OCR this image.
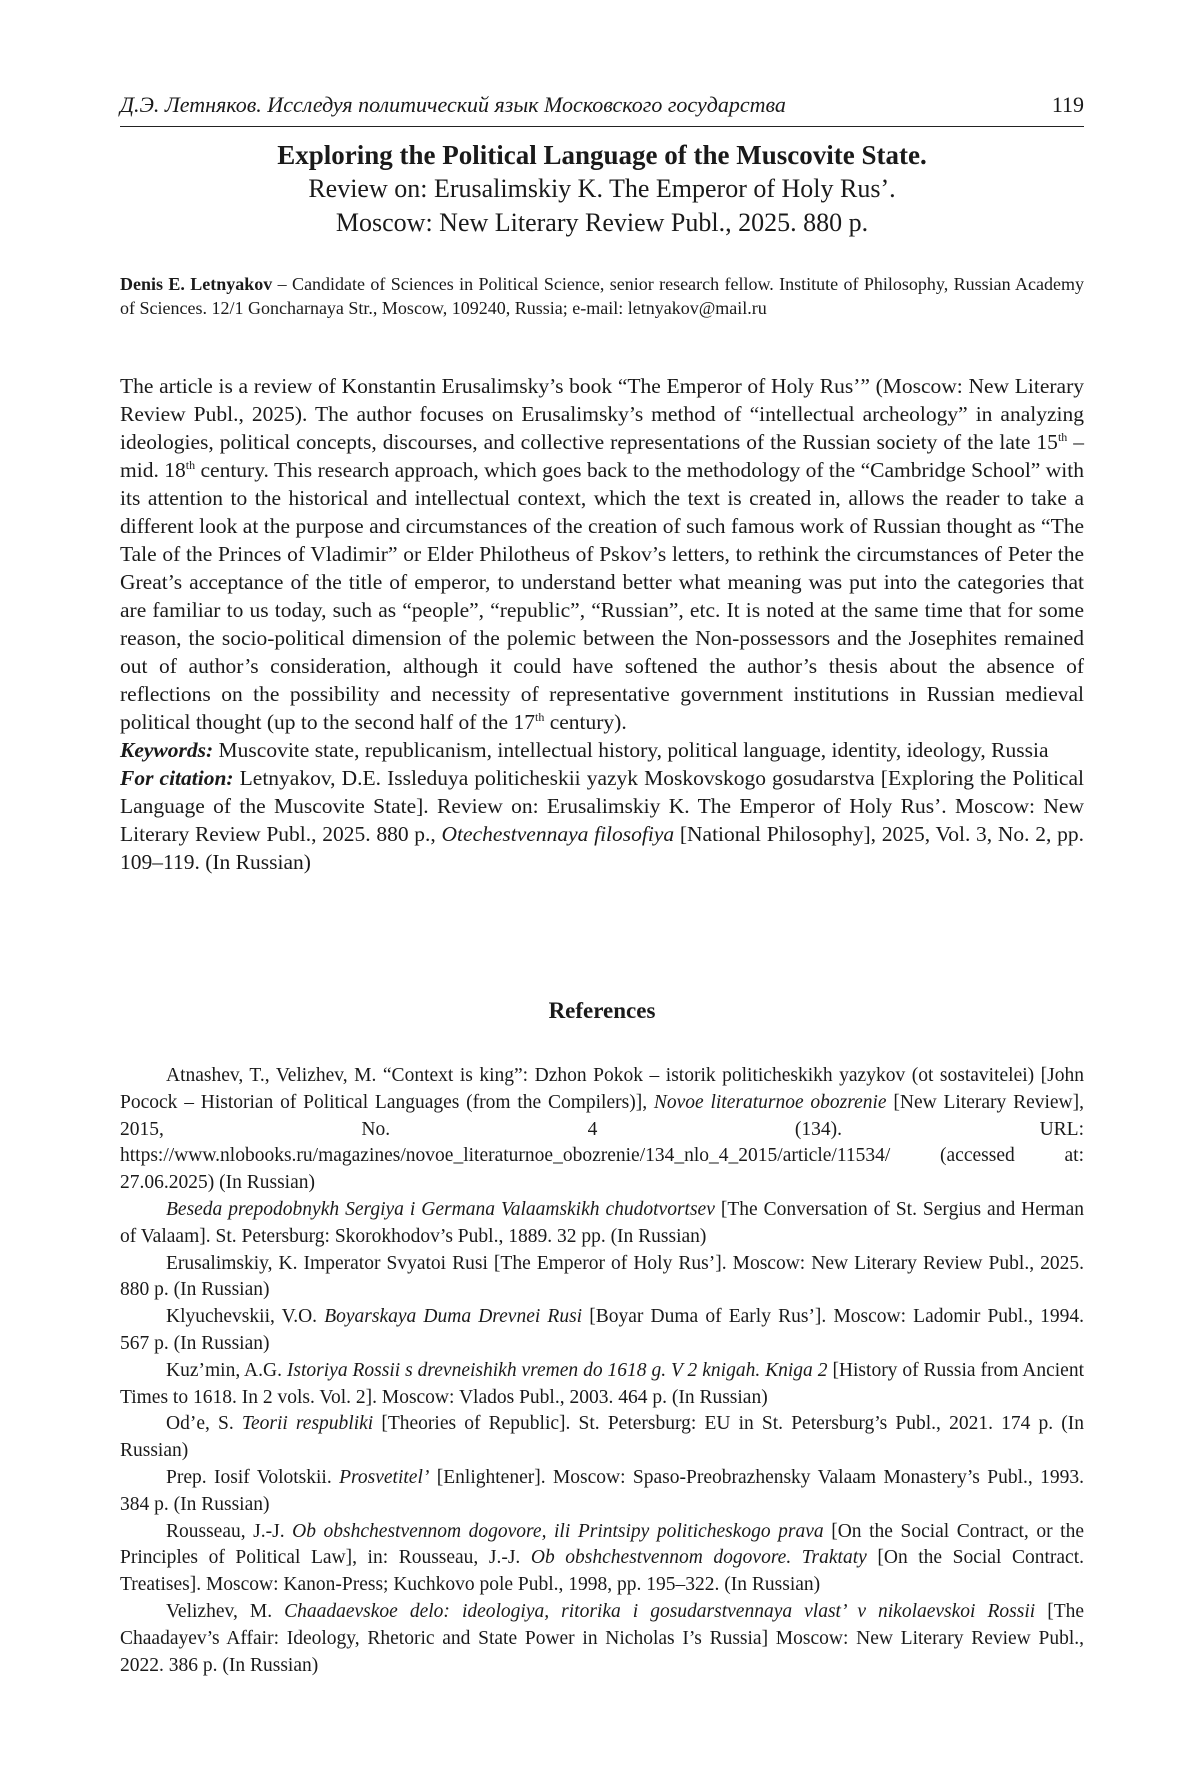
Д.Э. Летняков. Исследуя политический язык Московского государства	119
Exploring the Political Language of the Muscovite State.
Review on: Erusalimskiy K. The Emperor of Holy Rus’.
Moscow: New Literary Review Publ., 2025. 880 p.
Denis E. Letnyakov – Candidate of Sciences in Political Science, senior research fellow. Institute of Philosophy, Russian Academy of Sciences. 12/1 Goncharnaya Str., Moscow, 109240, Russia; e-mail: letnyakov@mail.ru

The article is a review of Konstantin Erusalimsky’s book “The Emperor of Holy Rus’” (Moscow: New Literary Review Publ., 2025). The author focuses on Erusalimsky’s method of “intellectual archeology” in analyzing ideologies, political concepts, discourses, and collective representations of the Russian society of the late 15th – mid. 18th century. This research approach, which goes back to the methodology of the “Cambridge School” with its attention to the historical and intellectual context, which the text is created in, allows the reader to take a different look at the purpose and circumstances of the creation of such famous work of Russian thought as “The Tale of the Princes of Vladimir” or Elder Philotheus of Pskov’s letters, to rethink the circumstances of Peter the Great’s acceptance of the title of emperor, to understand better what meaning was put into the categories that are familiar to us today, such as “people”, “republic”, “Russian”, etc. It is noted at the same time that for some reason, the socio-political dimension of the polemic between the Non-possessors and the Josephites remained out of author’s consideration, although it could have softened the author’s thesis about the absence of reflections on the possibility and necessity of representative government institutions in Russian medieval political thought (up to the second half of the 17th century).

Keywords: Muscovite state, republicanism, intellectual history, political language, identity, ideology, Russia

For citation: Letnyakov, D.E. Issleduya politicheskii yazyk Moskovskogo gosudarstva [Exploring the Political Language of the Muscovite State]. Review on: Erusalimskiy K. The Emperor of Holy Rus’. Moscow: New Literary Review Publ., 2025. 880 p., Otechestvennaya filosofiya [National Philosophy], 2025, Vol. 3, No. 2, pp. 109–119. (In Russian)

References

Atnashev, T., Velizhev, M. “Context is king”: Dzhon Pokok – istorik politicheskikh yazykov (ot sostavitelei) [John Pocock – Historian of Political Languages (from the Compilers)], Novoe literaturnoe obozrenie [New Literary Review], 2015, No. 4 (134). URL: https://www.nlobooks.ru/magazines/novoe_literaturnoe_obozrenie/134_nlo_4_2015/article/11534/ (accessed at: 27.06.2025) (In Russian)

Beseda prepodobnykh Sergiya i Germana Valaamskikh chudotvortsev [The Conversation of St. Sergius and Herman of Valaam]. St. Petersburg: Skorokhodov’s Publ., 1889. 32 pp. (In Russian)

Erusalimskiy, K. Imperator Svyatoi Rusi [The Emperor of Holy Rus’]. Moscow: New Literary Review Publ., 2025. 880 p. (In Russian)

Klyuchevskii, V.O. Boyarskaya Duma Drevnei Rusi [Boyar Duma of Early Rus’]. Moscow: Ladomir Publ., 1994. 567 p. (In Russian)

Kuz’min, A.G. Istoriya Rossii s drevneishikh vremen do 1618 g. V 2 knigah. Kniga 2 [History of Russia from Ancient Times to 1618. In 2 vols. Vol. 2]. Moscow: Vlados Publ., 2003. 464 p. (In Russian)

Od’e, S. Teorii respubliki [Theories of Republic]. St. Petersburg: EU in St. Petersburg’s Publ., 2021. 174 p. (In Russian)

Prep. Iosif Volotskii. Prosvetitel’ [Enlightener]. Moscow: Spaso-Preobrazhensky Valaam Monastery’s Publ., 1993. 384 p. (In Russian)

Rousseau, J.-J. Ob obshchestvennom dogovore, ili Printsipy politicheskogo prava [On the Social Contract, or the Principles of Political Law], in: Rousseau, J.-J. Ob obshchestvennom dogovore. Traktaty [On the Social Contract. Treatises]. Moscow: Kanon-Press; Kuchkovo pole Publ., 1998, pp. 195–322. (In Russian)

Velizhev, M. Chaadaevskoe delo: ideologiya, ritorika i gosudarstvennaya vlast’ v nikolaevskoi Rossii [The Chaadayev’s Affair: Ideology, Rhetoric and State Power in Nicholas I’s Russia] Moscow: New Literary Review Publ., 2022. 386 p. (In Russian)
